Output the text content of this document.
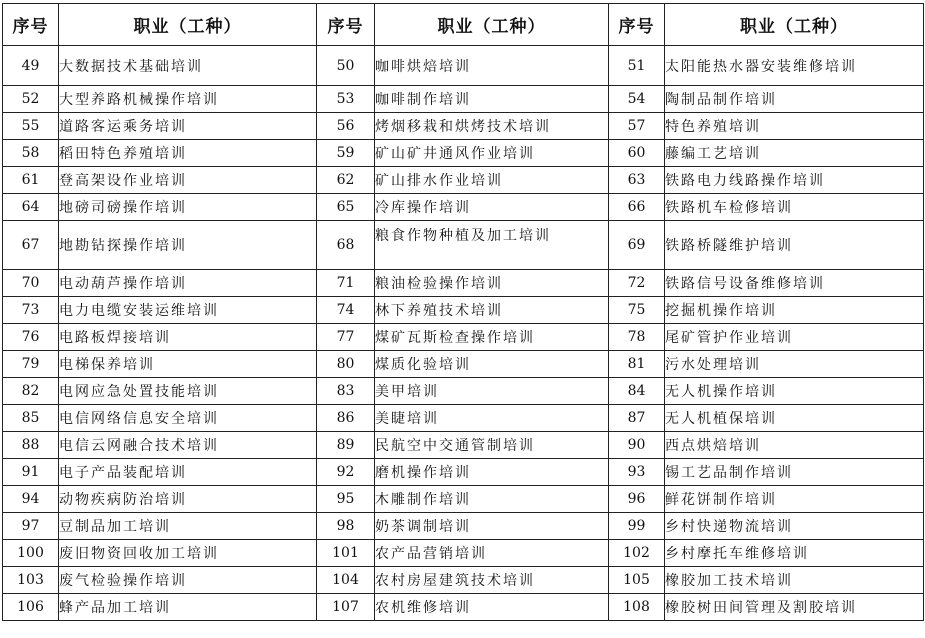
序号	职业（工种）	序号	职业（工种）	序号	职业（工种）
49	大数据技术基础培训	50	咖啡烘焙培训	51	太阳能热水器安装维修培训
52	大型养路机械操作培训	53	咖啡制作培训	54	陶制品制作培训
55	道路客运乘务培训	56	烤烟移栽和烘烤技术培训	57	特色养殖培训
58	稻田特色养殖培训	59	矿山矿井通风作业培训	60	藤编工艺培训
61	登高架设作业培训	62	矿山排水作业培训	63	铁路电力线路操作培训
64	地磅司磅操作培训	65	冷库操作培训	66	铁路机车检修培训
67	地勘钻探操作培训	68	粮食作物种植及加工培训	69	铁路桥隧维护培训
70	电动葫芦操作培训	71	粮油检验操作培训	72	铁路信号设备维修培训
73	电力电缆安装运维培训	74	林下养殖技术培训	75	挖掘机操作培训
76	电路板焊接培训	77	煤矿瓦斯检查操作培训	78	尾矿管护作业培训
79	电梯保养培训	80	煤质化验培训	81	污水处理培训
82	电网应急处置技能培训	83	美甲培训	84	无人机操作培训
85	电信网络信息安全培训	86	美睫培训	87	无人机植保培训
88	电信云网融合技术培训	89	民航空中交通管制培训	90	西点烘焙培训
91	电子产品装配培训	92	磨机操作培训	93	锡工艺品制作培训
94	动物疾病防治培训	95	木雕制作培训	96	鲜花饼制作培训
97	豆制品加工培训	98	奶茶调制培训	99	乡村快递物流培训
100	废旧物资回收加工培训	101	农产品营销培训	102	乡村摩托车维修培训
103	废气检验操作培训	104	农村房屋建筑技术培训	105	橡胶加工技术培训
106	蜂产品加工培训	107	农机维修培训	108	橡胶树田间管理及割胶培训
